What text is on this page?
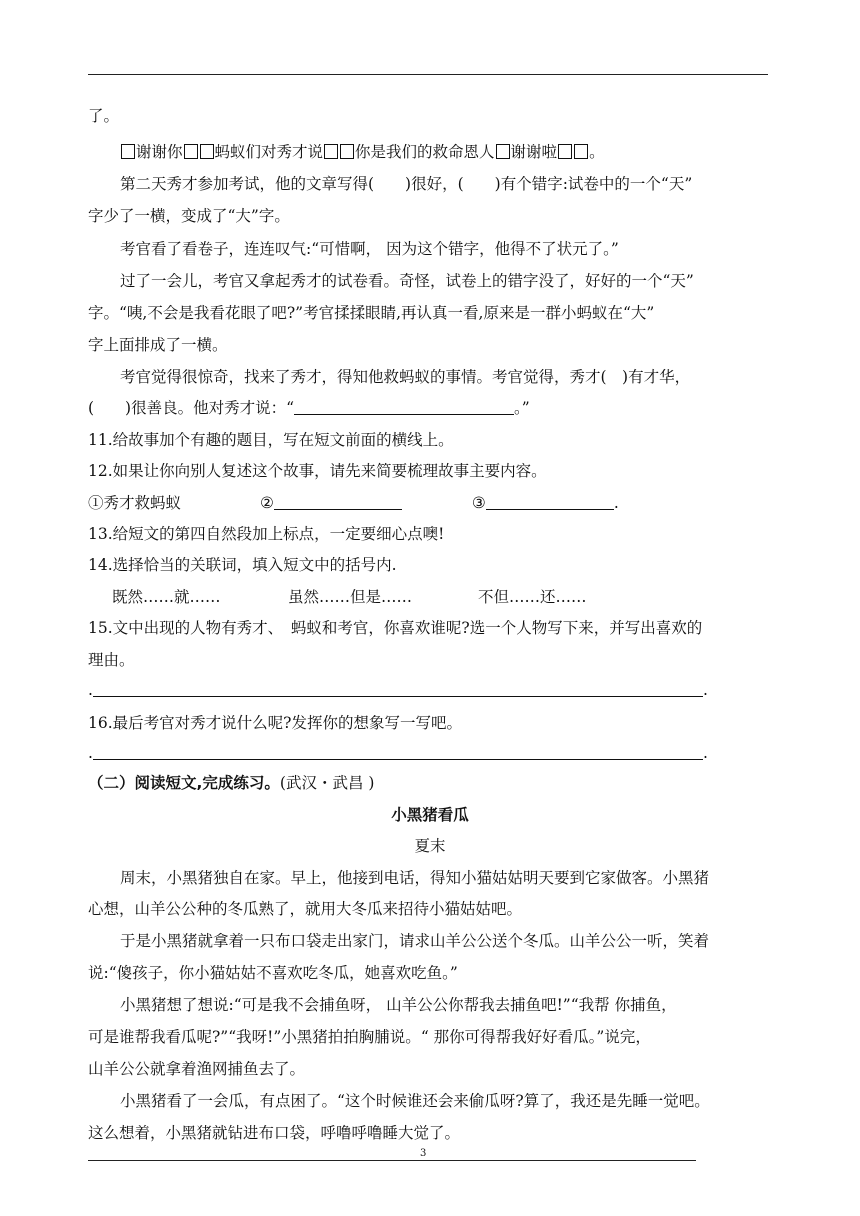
了。
谢谢你 蚂蚁们对秀才说 你是我们的救命恩人 谢谢啦 。
第二天秀才参加考试，他的文章写得(　　)很好，(　　)有个错字:试卷中的一个“天”
字少了一横，变成了“大”字。
考官看了看卷子，连连叹气:“可惜啊， 因为这个错字，他得不了状元了。”
过了一会儿，考官又拿起秀才的试卷看。奇怪，试卷上的错字没了，好好的一个“天”
字。“咦,不会是我看花眼了吧?”考官揉揉眼睛,再认真一看,原来是一群小蚂蚁在“大”
字上面排成了一横。
考官觉得很惊奇，找来了秀才，得知他救蚂蚁的事情。考官觉得，秀才(　)有才华，
(　　)很善良。他对秀才说：“	。”
11.给故事加个有趣的题目，写在短文前面的横线上。
12.如果让你向别人复述这个故事，请先来简要梳理故事主要内容。
①秀才救蚂蚁	②	③	.
13.给短文的第四自然段加上标点，一定要细心点噢!
14.选择恰当的关联词，填入短文中的括号内.
既然……就……	虽然……但是……	不但……还……
15.文中出现的人物有秀才、　蚂蚁和考官，你喜欢谁呢?选一个人物写下来，并写出喜欢的
理由。
.	.
16.最后考官对秀才说什么呢?发挥你的想象写一写吧。
.	.
（二）阅读短文,完成练习。(武汉・武昌 )
小黑猪看瓜
夏末
周末，小黑猪独自在家。早上，他接到电话，得知小猫姑姑明天要到它家做客。小黑猪
心想，山羊公公种的冬瓜熟了，就用大冬瓜来招待小猫姑姑吧。
于是小黑猪就拿着一只布口袋走出家门，请求山羊公公送个冬瓜。山羊公公一听，笑着
说:“傻孩子，你小猫姑姑不喜欢吃冬瓜，她喜欢吃鱼。”
小黑猪想了想说:“可是我不会捕鱼呀， 山羊公公你帮我去捕鱼吧!”“我帮 你捕鱼，
可是谁帮我看瓜呢?”“我呀!”小黑猪拍拍胸脯说。“ 那你可得帮我好好看瓜。”说完，
山羊公公就拿着渔网捕鱼去了。
小黑猪看了一会瓜，有点困了。“这个时候谁还会来偷瓜呀?算了，我还是先睡一觉吧。
这么想着，小黑猪就钻进布口袋，呼噜呼噜睡大觉了。
3
